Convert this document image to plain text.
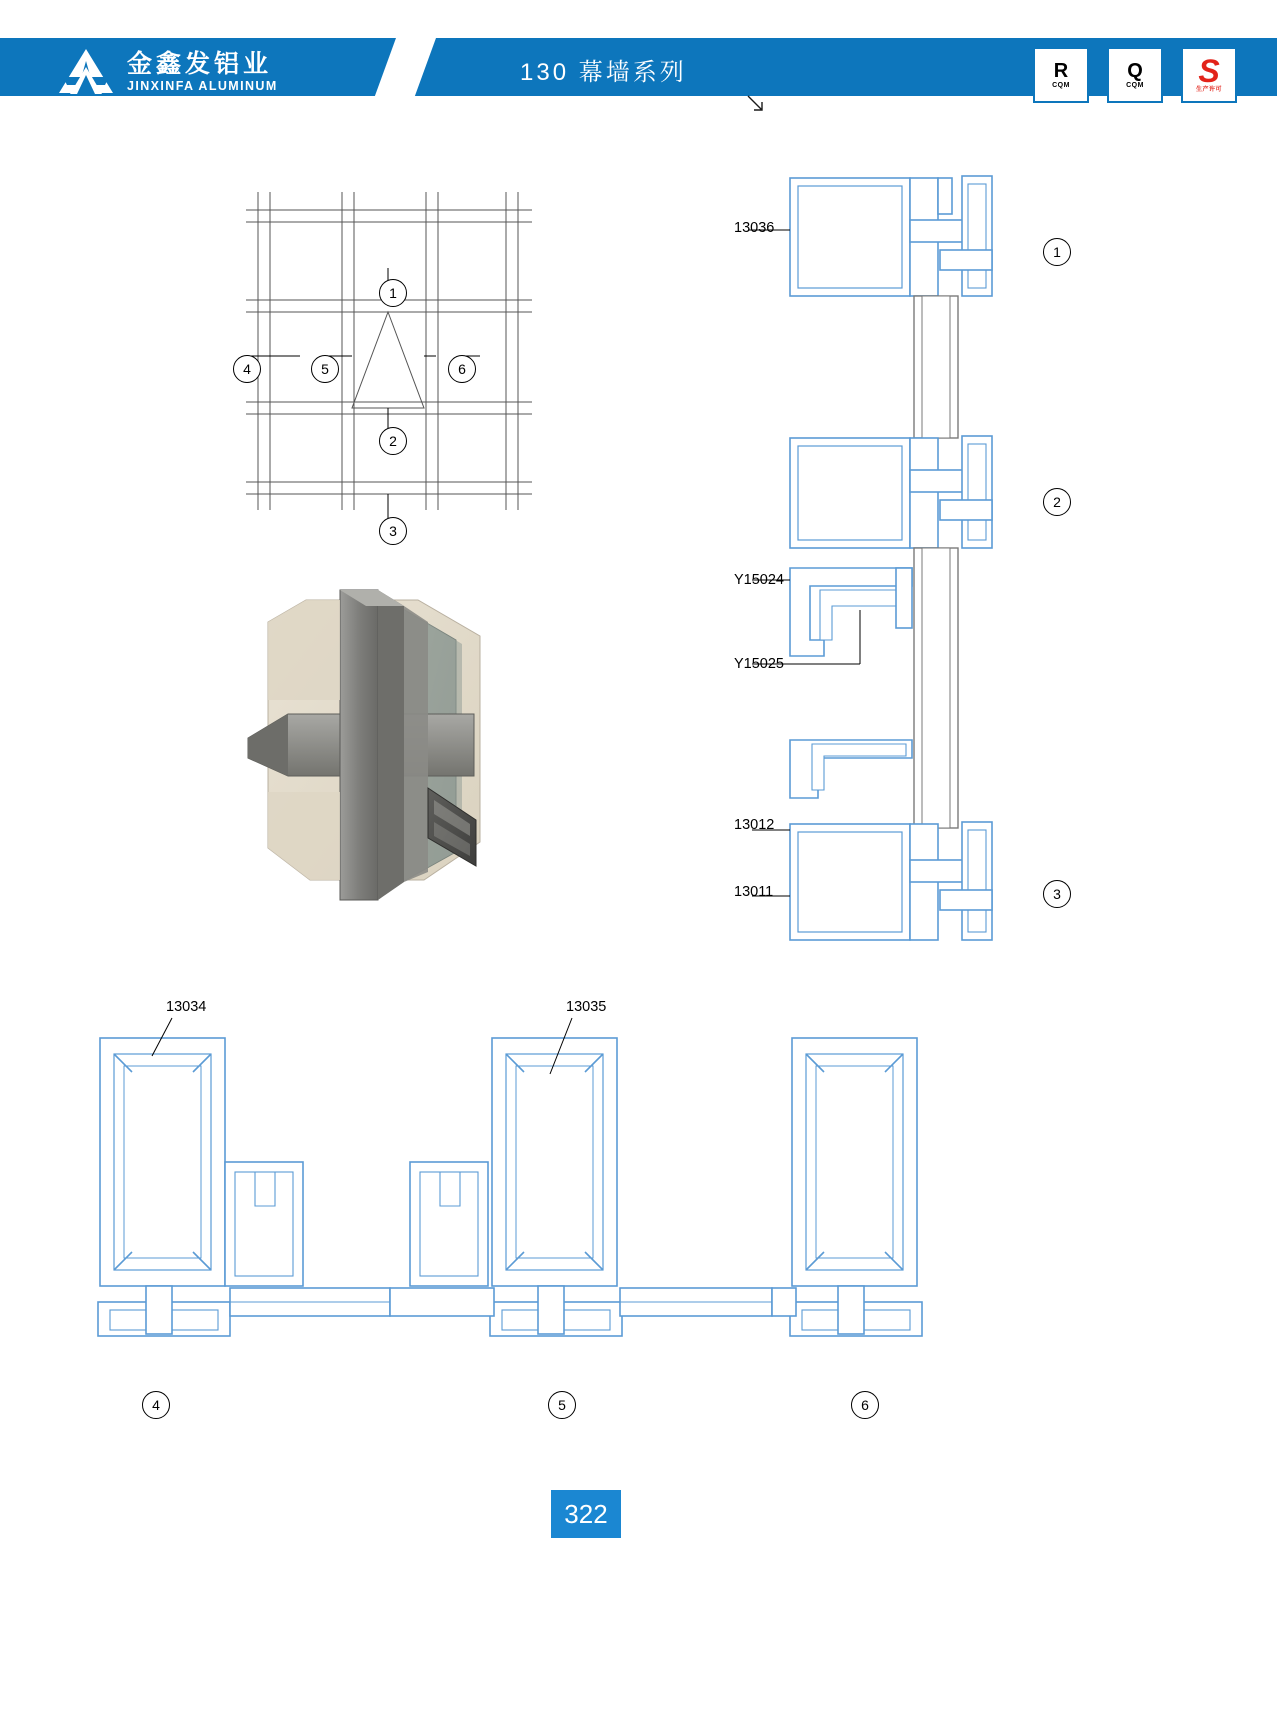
金鑫发铝业
JINXINFA ALUMINUM	130 幕墙系列	R
CQM
Q
CQM S
生产许可
1
2
3
4	5	6
13036
Y15024
Y15025
13012
13011
1
2
3
13034	13035
4	5	6
322
